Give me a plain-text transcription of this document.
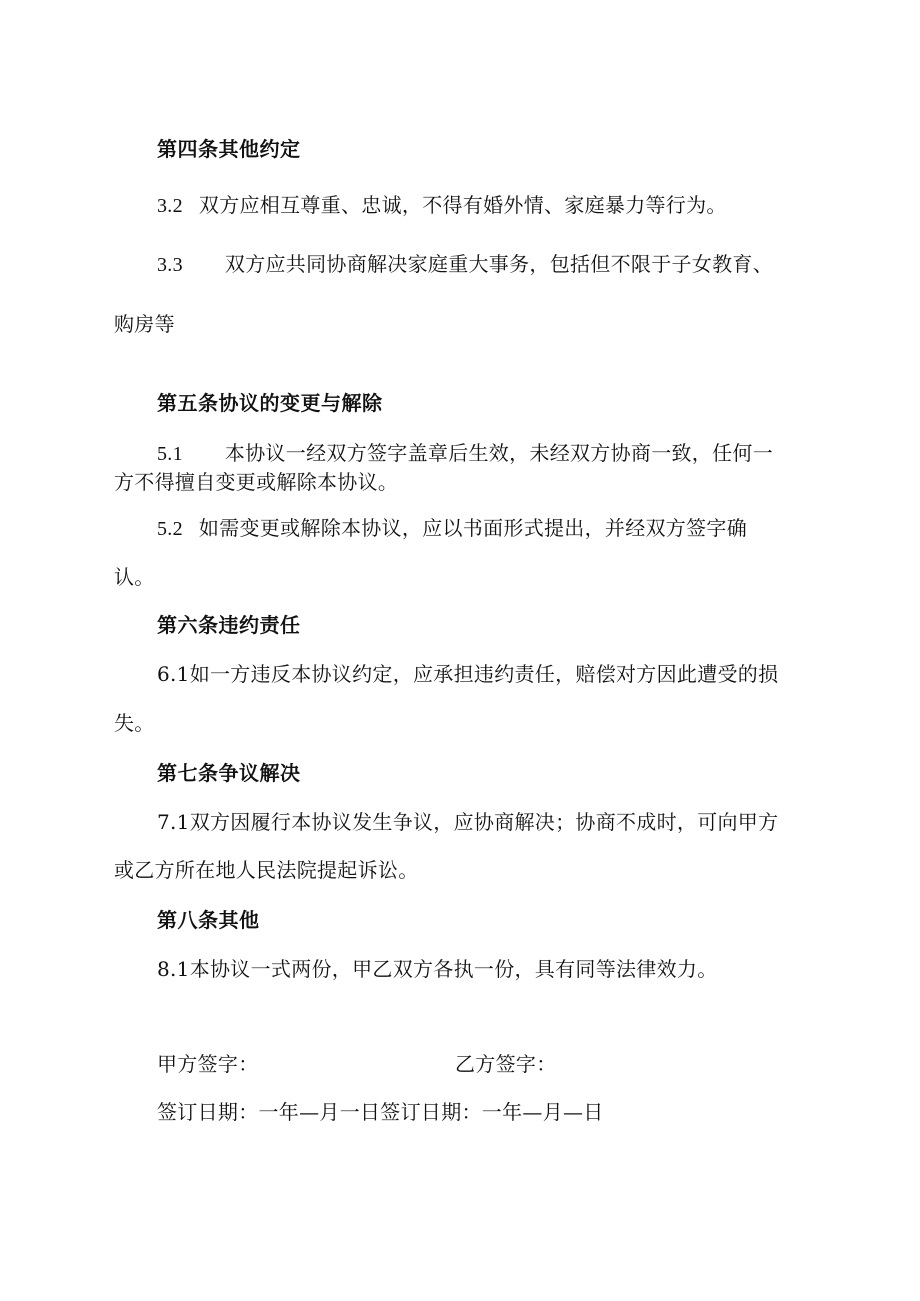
第四条其他约定
3.2 双方应相互尊重、忠诚，不得有婚外情、家庭暴力等行为。
3.3 双方应共同协商解决家庭重大事务，包括但不限于子女教育、
购房等
第五条协议的变更与解除
5.1 本协议一经双方签字盖章后生效，未经双方协商一致，任何一
方不得擅自变更或解除本协议。
5.2 如需变更或解除本协议，应以书面形式提出，并经双方签字确
认。
第六条违约责任
6.1如一方违反本协议约定，应承担违约责任，赔偿对方因此遭受的损
失。
第七条争议解决
7.1双方因履行本协议发生争议，应协商解决；协商不成时，可向甲方
或乙方所在地人民法院提起诉讼。
第八条其他
8.1本协议一式两份，甲乙双方各执一份，具有同等法律效力。
甲方签字：	乙方签字：
签订日期：一年—月一日签订日期：一年—月—日
